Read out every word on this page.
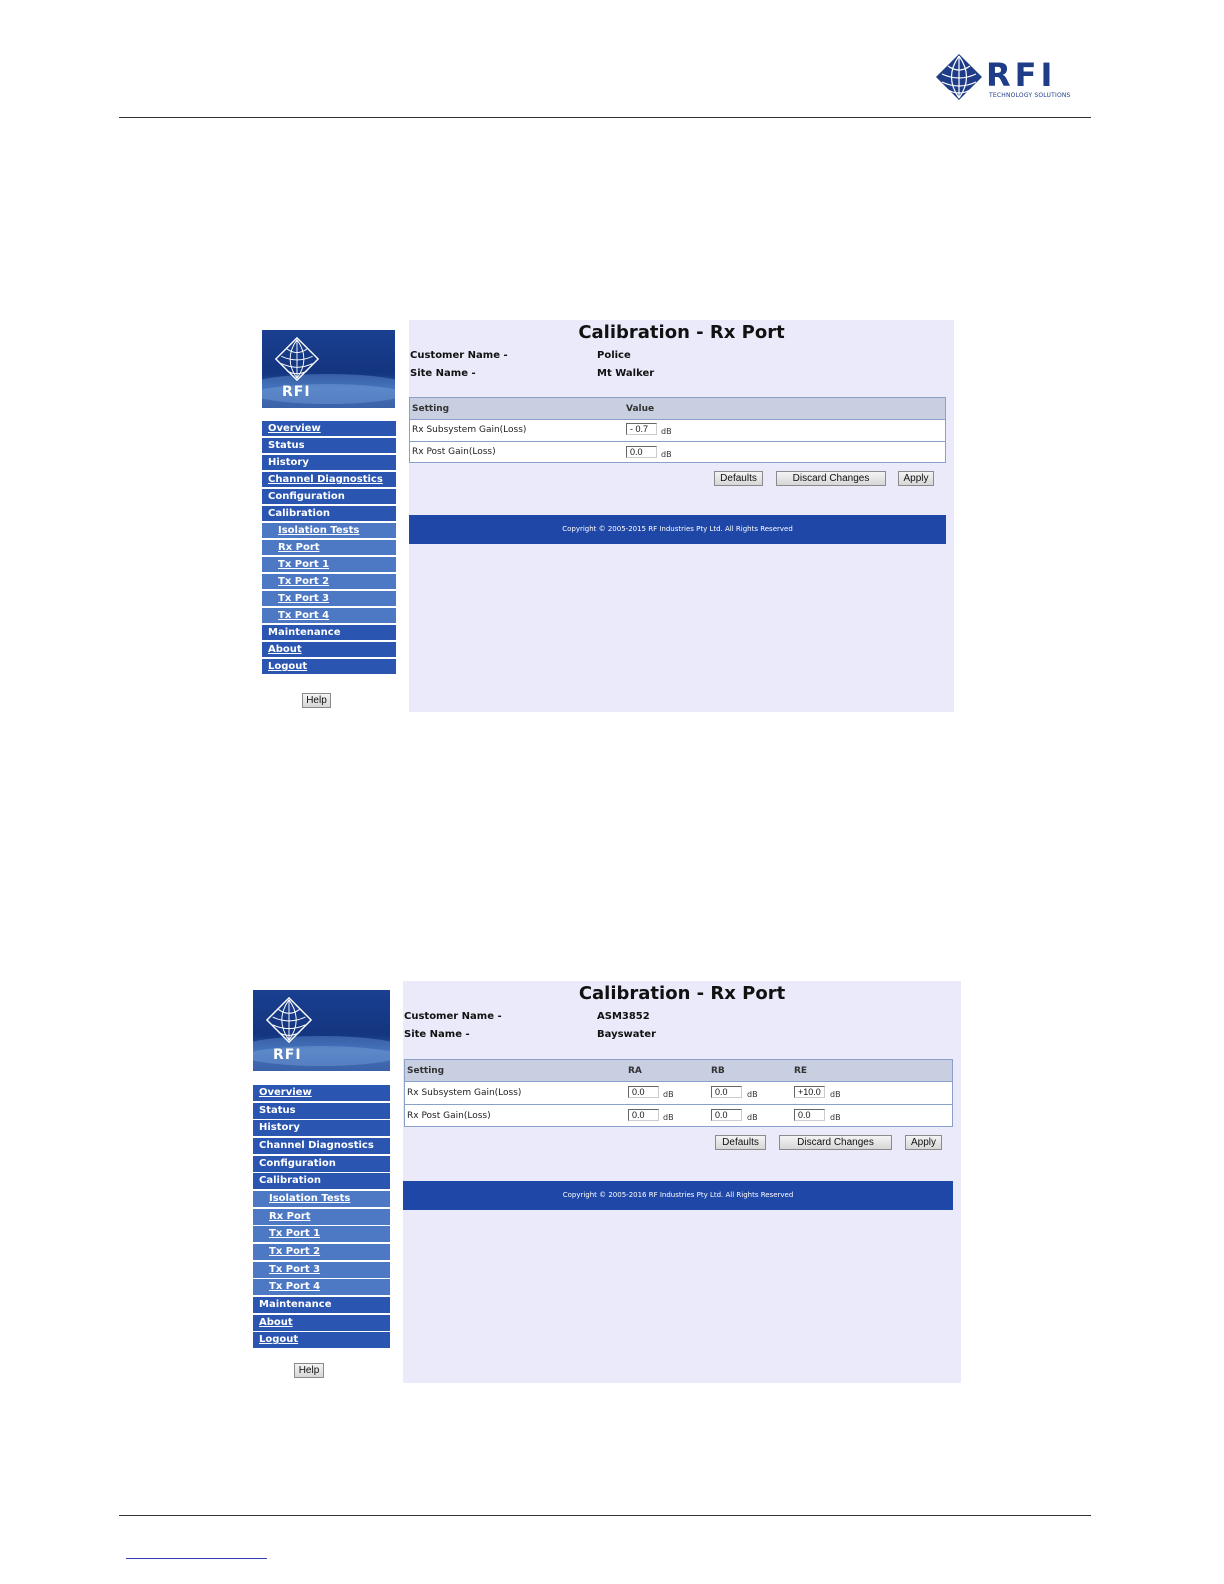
RFI
TECHNOLOGY SOLUTIONS
RFI
Overview
Status
History
Channel Diagnostics
Configuration
Calibration
Isolation Tests
Rx Port
Tx Port 1
Tx Port 2
Tx Port 3
Tx Port 4
Maintenance
About
Logout
Help
Calibration - Rx Port
Customer Name -	Police
Site Name -	Mt Walker
Setting	Value
Rx Subsystem Gain(Loss)	- 0.7	dB
Rx Post Gain(Loss)	0.0	dB
Defaults	Discard Changes	Apply
Copyright © 2005-2015 RF Industries Pty Ltd. All Rights Reserved
RFI
Overview
Status
History
Channel Diagnostics
Configuration
Calibration
Isolation Tests
Rx Port
Tx Port 1
Tx Port 2
Tx Port 3
Tx Port 4
Maintenance
About
Logout
Help
Calibration - Rx Port
Customer Name -	ASM3852
Site Name -	Bayswater
Setting	RA	RB	RE
Rx Subsystem Gain(Loss)	0.0	dB	0.0	dB	+10.0	dB
Rx Post Gain(Loss)	0.0	dB	0.0	dB	0.0	dB
Defaults	Discard Changes	Apply
Copyright © 2005-2016 RF Industries Pty Ltd. All Rights Reserved
